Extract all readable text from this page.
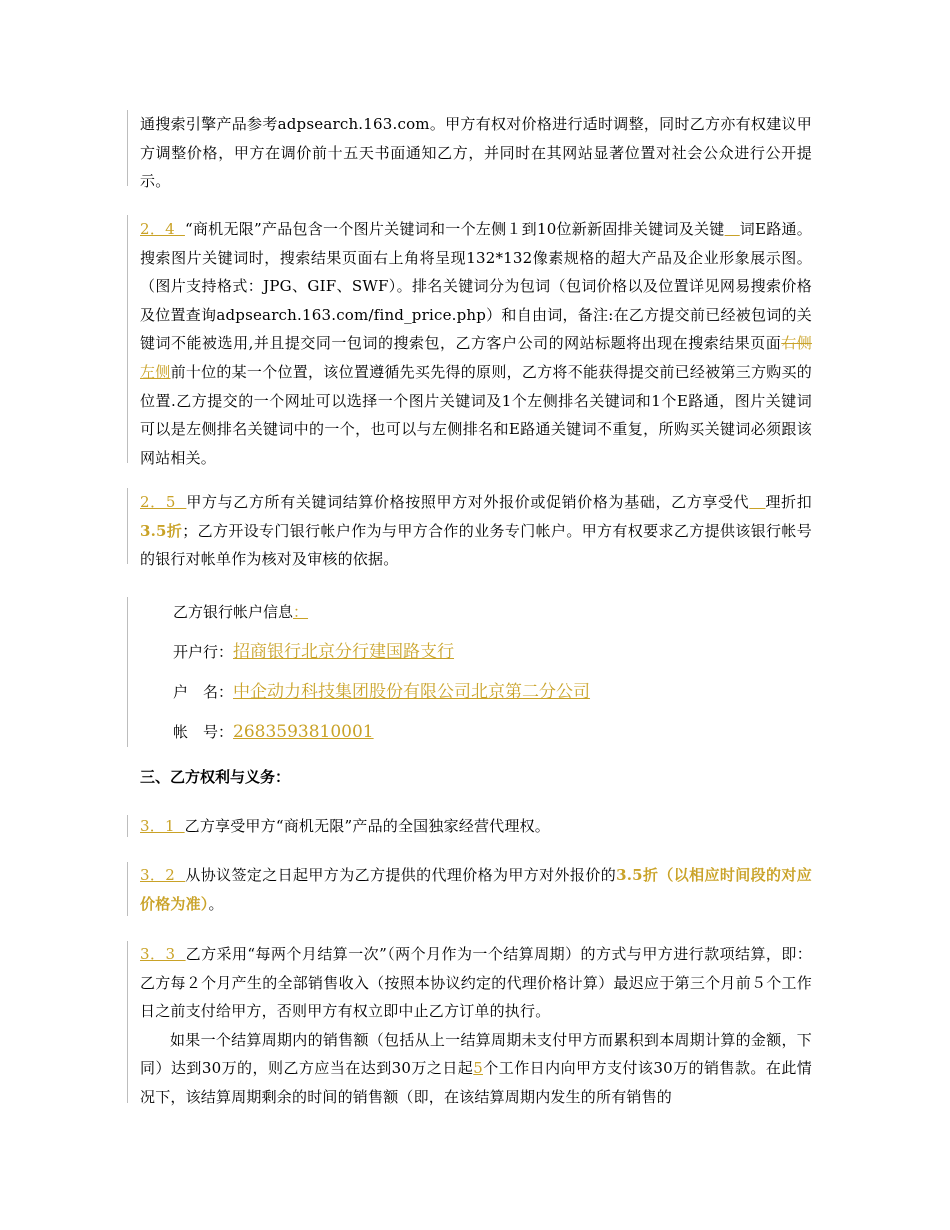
通搜索引擎产品参考adpsearch.163.com。甲方有权对价格进行适时调整，同时乙方亦有权建议甲方调整价格，甲方在调价前十五天书面通知乙方，并同时在其网站显著位置对社会公众进行公开提示。
2．4  “商机无限”产品包含一个图片关键词和一个左侧１到10位新新固排关键词及关键 词E路通。搜索图片关键词时，搜索结果页面右上角将呈现132*132像素规格的超大产品及企业形象展示图。（图片支持格式：JPG、GIF、SWF）。排名关键词分为包词（包词价格以及位置详见网易搜索价格及位置查询adpsearch.163.com/find_price.php）和自由词，备注:在乙方提交前已经被包词的关键词不能被选用,并且提交同一包词的搜索包，乙方客户公司的网站标题将出现在搜索结果页面右侧左侧前十位的某一个位置，该位置遵循先买先得的原则，乙方将不能获得提交前已经被第三方购买的位置.乙方提交的一个网址可以选择一个图片关键词及1个左侧排名关键词和1个E路通，图片关键词可以是左侧排名关键词中的一个，也可以与左侧排名和E路通关键词不重复，所购买关键词必须跟该网站相关。
2．5  甲方与乙方所有关键词结算价格按照甲方对外报价或促销价格为基础，乙方享受代 理折扣3.5折；乙方开设专门银行帐户作为与甲方合作的业务专门帐户。甲方有权要求乙方提供该银行帐号的银行对帐单作为核对及审核的依据。
乙方银行帐户信息：
开户行：招商银行北京分行建国路支行
户　名：中企动力科技集团股份有限公司北京第二分公司
帐　号：2683593810001
三、乙方权利与义务：
3．1  乙方享受甲方“商机无限”产品的全国独家经营代理权。
3．2  从协议签定之日起甲方为乙方提供的代理价格为甲方对外报价的3.5折（以相应时间段的对应价格为准）。
3．3  乙方采用“每两个月结算一次”（两个月作为一个结算周期）的方式与甲方进行款项结算，即：乙方每２个月产生的全部销售收入（按照本协议约定的代理价格计算）最迟应于第三个月前５个工作日之前支付给甲方，否则甲方有权立即中止乙方订单的执行。
如果一个结算周期内的销售额（包括从上一结算周期未支付甲方而累积到本周期计算的金额，下同）达到30万的，则乙方应当在达到30万之日起5个工作日内向甲方支付该30万的销售款。在此情况下，该结算周期剩余的时间的销售额（即，在该结算周期内发生的所有销售的
